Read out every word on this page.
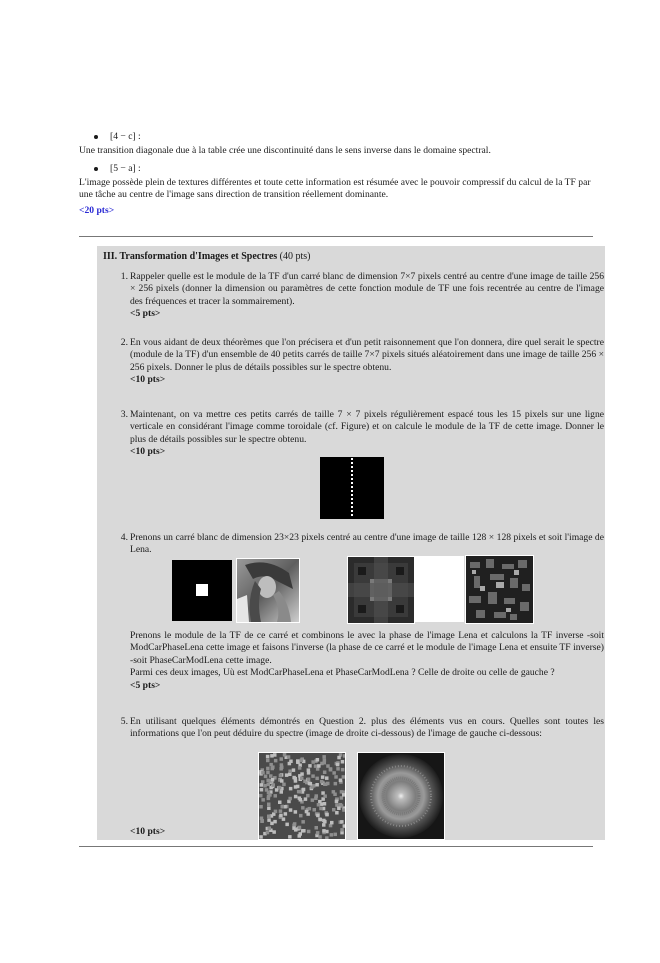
[4 − c] :
Une transition diagonale due à la table crée une discontinuité dans le sens inverse dans le domaine spectral.
[5 − a] :
L'image possède plein de textures différentes et toute cette information est résumée avec le pouvoir compressif du calcul de la TF par une tâche au centre de l'image sans direction de transition réellement dominante.
<20 pts>
III. Transformation d'Images et Spectres (40 pts)
1. Rappeler quelle est le module de la TF d'un carré blanc de dimension 7×7 pixels centré au centre d'une image de taille 256 × 256 pixels (donner la dimension ou paramètres de cette fonction module de TF une fois recentrée au centre de l'image des fréquences et tracer la sommairement).

<5 pts>

2. En vous aidant de deux théorèmes que l'on précisera et d'un petit raisonnement que l'on donnera, dire quel serait le spectre (module de la TF) d'un ensemble de 40 petits carrés de taille 7×7 pixels situés aléatoirement dans une image de taille 256 × 256 pixels. Donner le plus de détails possibles sur le spectre obtenu.

<10 pts>

3. Maintenant, on va mettre ces petits carrés de taille 7 × 7 pixels régulièrement espacé tous les 15 pixels sur une ligne verticale en considérant l'image comme toroidale (cf. Figure) et on calcule le module de la TF de cette image. Donner le plus de détails possibles sur le spectre obtenu.

<10 pts>

4. Prenons un carré blanc de dimension 23×23 pixels centré au centre d'une image de taille 128 × 128 pixels et soit l'image de Lena.

Prenons le module de la TF de ce carré et combinons le avec la phase de l'image Lena et calculons la TF inverse -soit ModCarPhaseLena cette image et faisons l'inverse (la phase de ce carré et le module de l'image Lena et ensuite TF inverse) -soit PhaseCarModLena cette image.

Parmi ces deux images, Uù est ModCarPhaseLena et PhaseCarModLena ? Celle de droite ou celle de gauche ?

<5 pts>

5. En utilisant quelques éléments démontrés en Question 2. plus des éléments vus en cours. Quelles sont toutes les informations que l'on peut déduire du spectre (image de droite ci-dessous) de l'image de gauche ci-dessous:

<10 pts>
